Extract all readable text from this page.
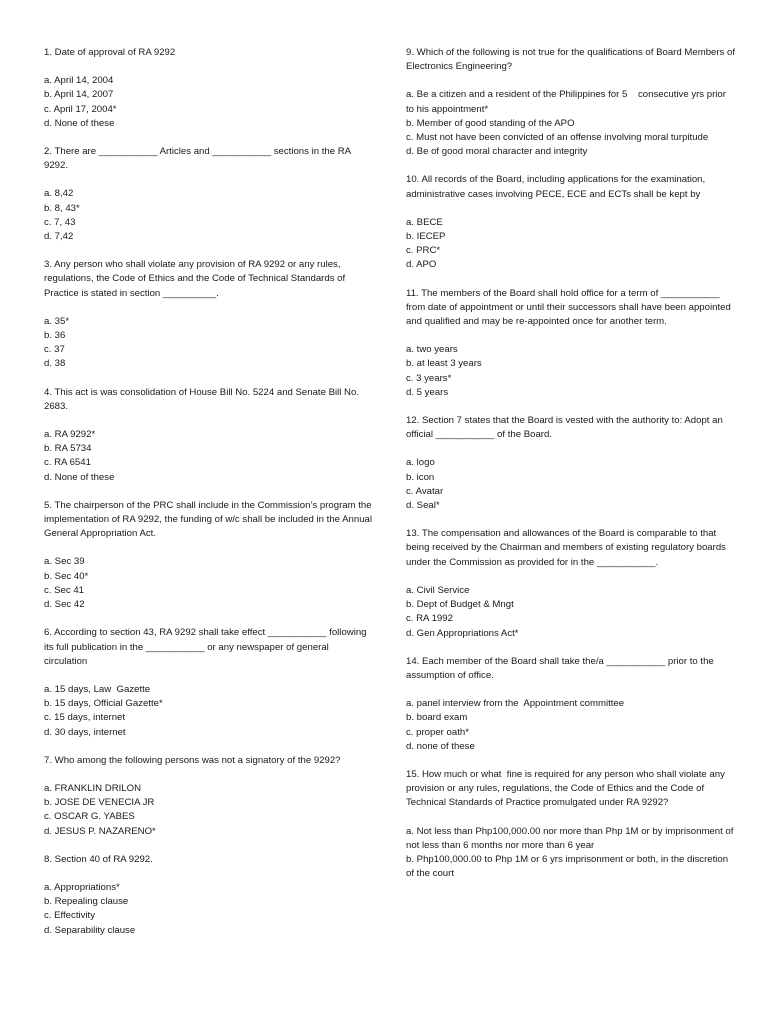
1. Date of approval of RA 9292
a. April 14, 2004
b. April 14, 2007
c. April 17, 2004*
d. None of these
2. There are ___________ Articles and ___________ sections in the RA 9292.
a. 8,42
b. 8, 43*
c. 7, 43
d. 7,42
3. Any person who shall violate any provision of RA 9292 or any rules, regulations, the Code of Ethics and the Code of Technical Standards of Practice is stated in section __________.
a. 35*
b. 36
c. 37
d. 38
4. This act is was consolidation of House Bill No. 5224 and Senate Bill No. 2683.
a. RA 9292*
b. RA 5734
c. RA 6541
d. None of these
5. The chairperson of the PRC shall include in the Commission’s program the implementation of RA 9292, the funding of w/c shall be included in the Annual General Appropriation Act.
a. Sec 39
b. Sec 40*
c. Sec 41
d. Sec 42
6. According to section 43, RA 9292 shall take effect ___________ following its full publication in the ___________ or any newspaper of general circulation
a. 15 days, Law  Gazette
b. 15 days, Official Gazette*
c. 15 days, internet
d. 30 days, internet
7. Who among the following persons was not a signatory of the 9292?
a. FRANKLIN DRILON
b. JOSE DE VENECIA JR
c. OSCAR G. YABES
d. JESUS P. NAZARENO*
8. Section 40 of RA 9292.
a. Appropriations*
b. Repealing clause
c. Effectivity
d. Separability clause
9. Which of the following is not true for the qualifications of Board Members of Electronics Engineering?
a. Be a citizen and a resident of the Philippines for 5    consecutive yrs prior to his appointment*
b. Member of good standing of the APO
c. Must not have been convicted of an offense involving moral turpitude
d. Be of good moral character and integrity
10. All records of the Board, including applications for the examination, administrative cases involving PECE, ECE and ECTs shall be kept by
a. BECE
b. IECEP
c. PRC*
d. APO
11. The members of the Board shall hold office for a term of ___________ from date of appointment or until their successors shall have been appointed and qualified and may be re-appointed once for another term.
a. two years
b. at least 3 years
c. 3 years*
d. 5 years
12. Section 7 states that the Board is vested with the authority to: Adopt an official ___________ of the Board.
a. logo
b. icon
c. Avatar
d. Seal*
13. The compensation and allowances of the Board is comparable to that being received by the Chairman and members of existing regulatory boards under the Commission as provided for in the ___________.
a. Civil Service
b. Dept of Budget & Mngt
c. RA 1992
d. Gen Appropriations Act*
14. Each member of the Board shall take the/a ___________ prior to the assumption of office.
a. panel interview from the  Appointment committee
b. board exam
c. proper oath*
d. none of these
15. How much or what  fine is required for any person who shall violate any provision or any rules, regulations, the Code of Ethics and the Code of Technical Standards of Practice promulgated under RA 9292?
a. Not less than Php100,000.00 nor more than Php 1M or by imprisonment of not less than 6 months nor more than 6 year
b. Php100,000.00 to Php 1M or 6 yrs imprisonment or both, in the discretion of the court
